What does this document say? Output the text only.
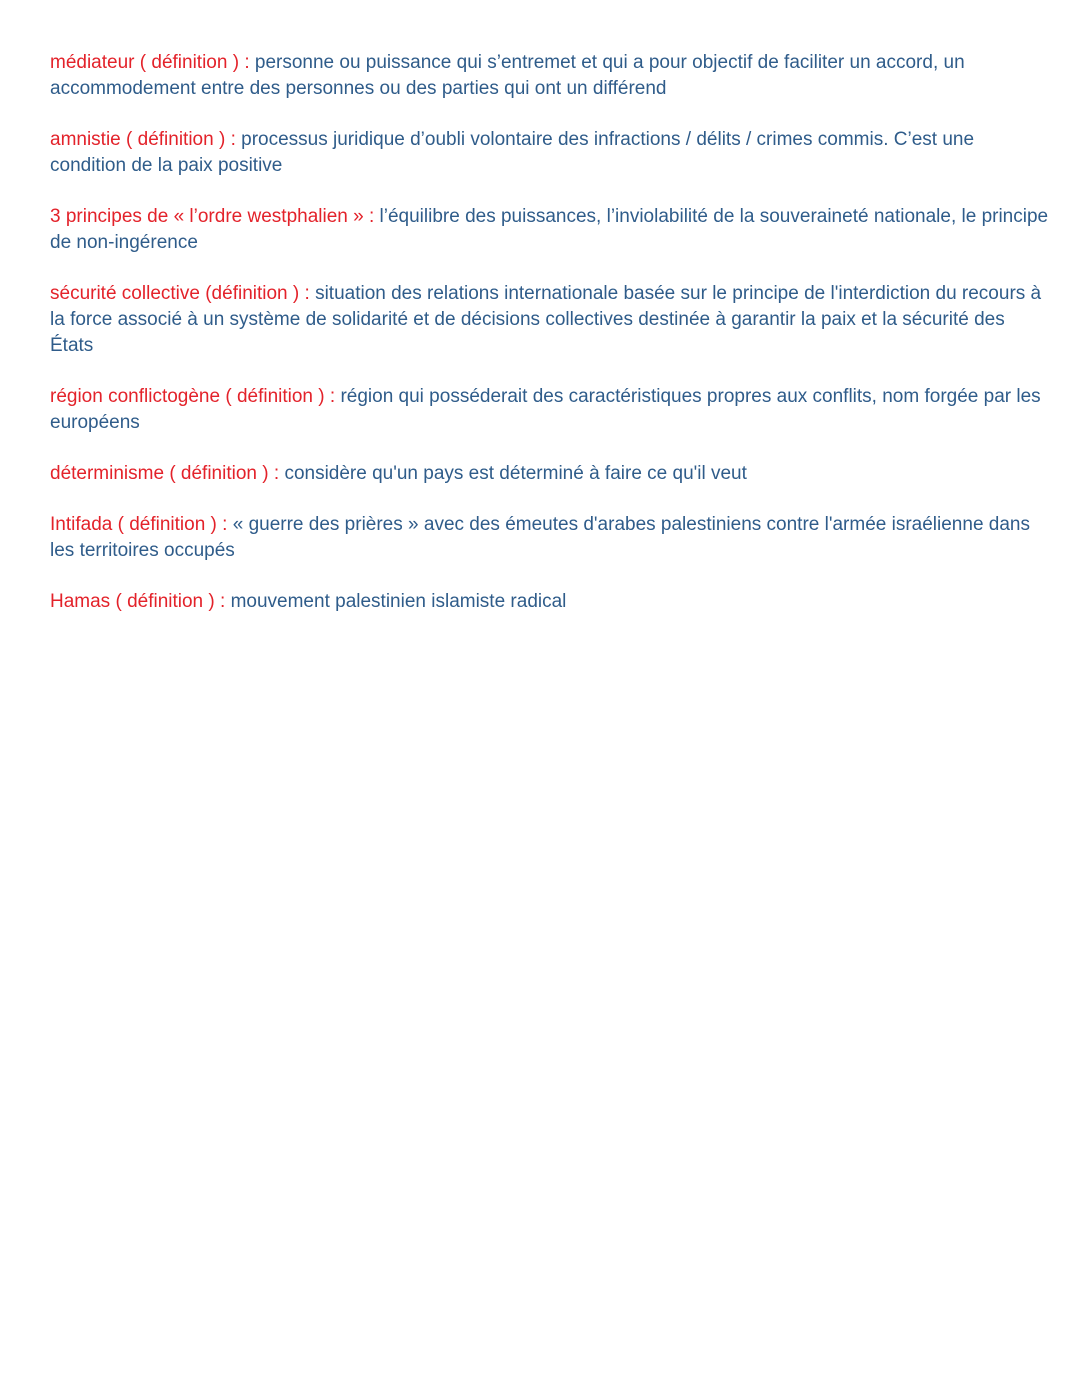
médiateur ( définition ) : personne ou puissance qui s’entremet et qui a pour objectif de faciliter un accord, un accommodement entre des personnes ou des parties qui ont un différend

amnistie ( définition ) : processus juridique d’oubli volontaire des infractions / délits / crimes commis. C’est une condition de la paix positive

3 principes de « l’ordre westphalien » : l’équilibre des puissances, l’inviolabilité de la souveraineté nationale, le principe de non-ingérence

sécurité collective (définition ) : situation des relations internationale basée sur le principe de l'interdiction du recours à la force associé à un système de solidarité et de décisions collectives destinée à garantir la paix et la sécurité des États

région conflictogène ( définition ) : région qui posséderait des caractéristiques propres aux conflits, nom forgée par les européens

déterminisme ( définition ) : considère qu'un pays est déterminé à faire ce qu'il veut

Intifada ( définition ) : « guerre des prières » avec des émeutes d'arabes palestiniens contre l'armée israélienne dans les territoires occupés

Hamas ( définition ) : mouvement palestinien islamiste radical
